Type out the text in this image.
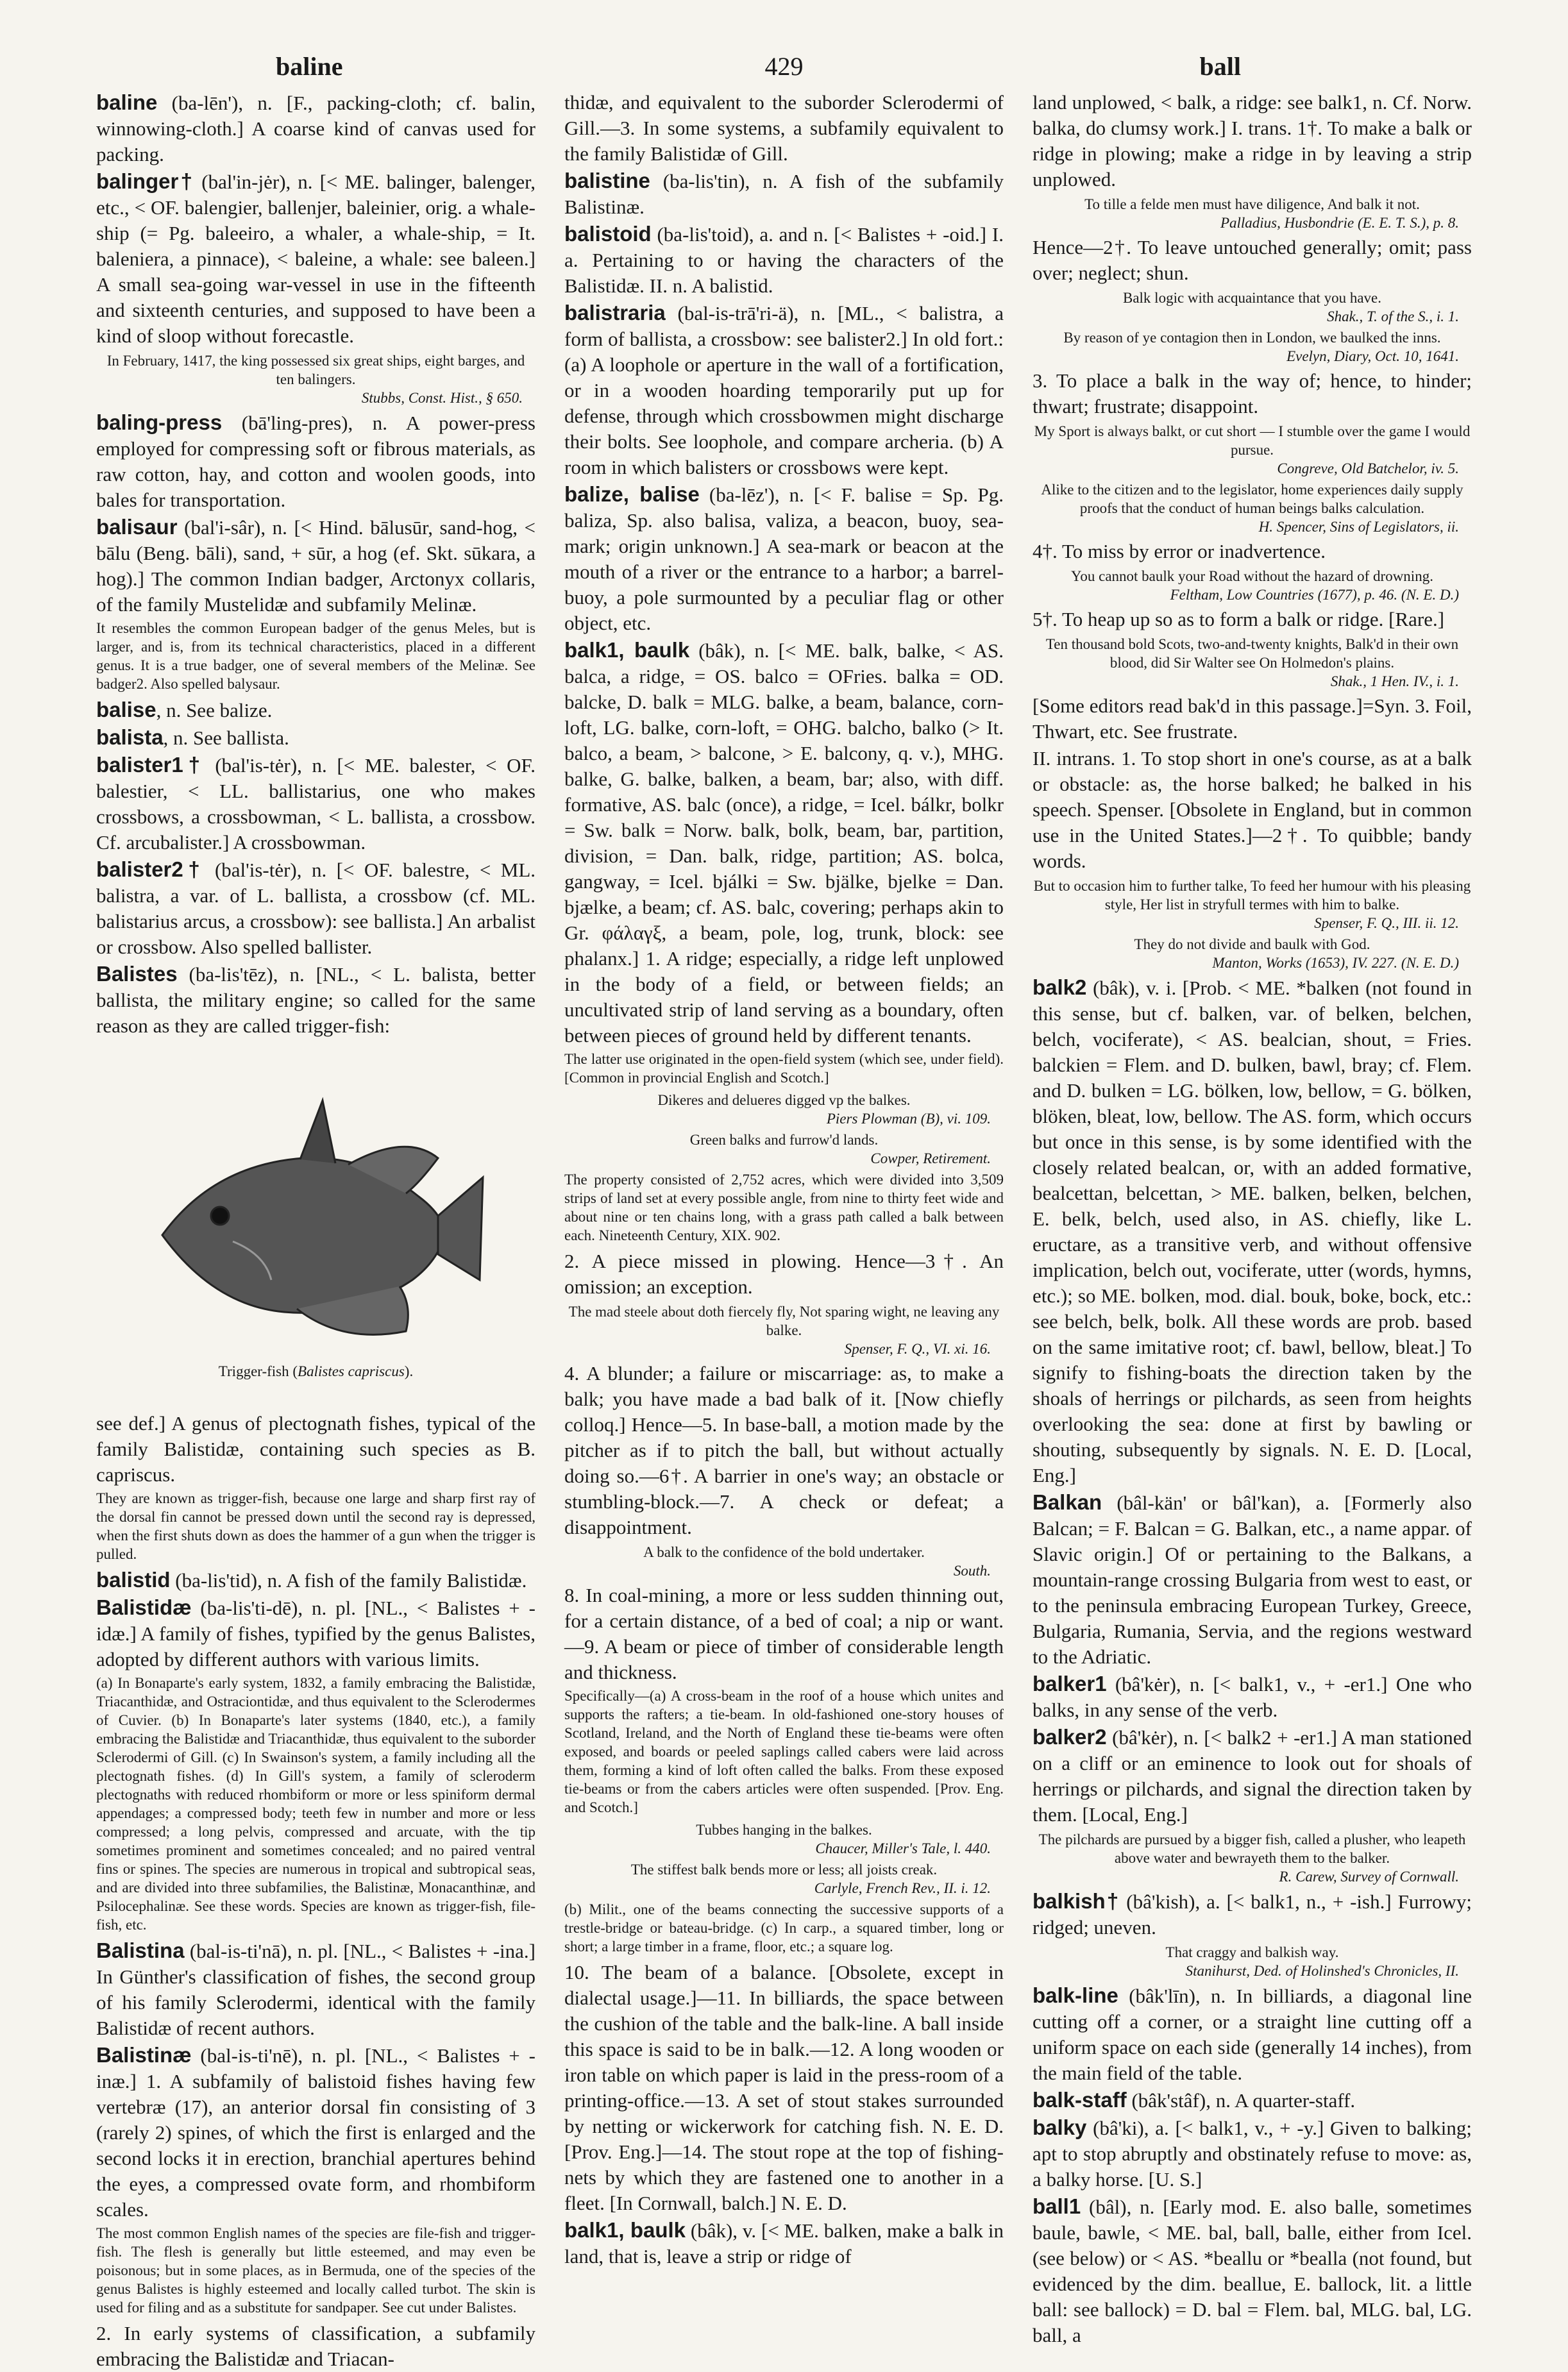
baline	429	ball
baline (ba-lēn'), n. [F., packing-cloth; cf. balin, winnowing-cloth.] A coarse kind of canvas used for packing.
balinger† (bal'in-jėr), n. [< ME. balinger, balenger, etc., < OF. balengier, ballenjer, baleinier, orig. a whale-ship (= Pg. baleeiro, a whaler, a whale-ship, = It. baleniera, a pinnace), < baleine, a whale: see baleen.] A small sea-going war-vessel in use in the fifteenth and sixteenth centuries, and supposed to have been a kind of sloop without forecastle.
In February, 1417, the king possessed six great ships, eight barges, and ten balingers.
Stubbs, Const. Hist., § 650.
baling-press (bā'ling-pres), n. A power-press employed for compressing soft or fibrous materials, as raw cotton, hay, and cotton and woolen goods, into bales for transportation.
balisaur (bal'i-sâr), n. [< Hind. bālusūr, sand-hog, < bālu (Beng. bāli), sand, + sūr, a hog (ef. Skt. sūkara, a hog).] The common Indian badger, Arctonyx collaris, of the family Mustelidæ and subfamily Melinæ.
It resembles the common European badger of the genus Meles, but is larger, and is, from its technical characteristics, placed in a different genus. It is a true badger, one of several members of the Melinæ. See badger2. Also spelled balysaur.
balise, n. See balize.
balista, n. See ballista.
balister1† (bal'is-tėr), n. [< ME. balester, < OF. balestier, < LL. ballistarius, one who makes crossbows, a crossbowman, < L. ballista, a crossbow. Cf. arcubalister.] A crossbowman.
balister2† (bal'is-tėr), n. [< OF. balestre, < ML. balistra, a var. of L. ballista, a crossbow (cf. ML. balistarius arcus, a crossbow): see ballista.] An arbalist or crossbow. Also spelled ballister.
Balistes (ba-lis'tēz), n. [NL., < L. balista, better ballista, the military engine; so called for the same reason as they are called trigger-fish:
Trigger-fish (Balistes capriscus).
see def.] A genus of plectognath fishes, typical of the family Balistidæ, containing such species as B. capriscus.
They are known as trigger-fish, because one large and sharp first ray of the dorsal fin cannot be pressed down until the second ray is depressed, when the first shuts down as does the hammer of a gun when the trigger is pulled.
balistid (ba-lis'tid), n. A fish of the family Balistidæ.
Balistidæ (ba-lis'ti-dē), n. pl. [NL., < Balistes + -idæ.] A family of fishes, typified by the genus Balistes, adopted by different authors with various limits.
(a) In Bonaparte's early system, 1832, a family embracing the Balistidæ, Triacanthidæ, and Ostraciontidæ, and thus equivalent to the Sclerodermes of Cuvier. (b) In Bonaparte's later systems (1840, etc.), a family embracing the Balistidæ and Triacanthidæ, thus equivalent to the suborder Sclerodermi of Gill. (c) In Swainson's system, a family including all the plectognath fishes. (d) In Gill's system, a family of scleroderm plectognaths with reduced rhombiform or more or less spiniform dermal appendages; a compressed body; teeth few in number and more or less compressed; a long pelvis, compressed and arcuate, with the tip sometimes prominent and sometimes concealed; and no paired ventral fins or spines. The species are numerous in tropical and subtropical seas, and are divided into three subfamilies, the Balistinæ, Monacanthinæ, and Psilocephalinæ. See these words. Species are known as trigger-fish, file-fish, etc.
Balistina (bal-is-ti'nā), n. pl. [NL., < Balistes + -ina.] In Günther's classification of fishes, the second group of his family Sclerodermi, identical with the family Balistidæ of recent authors.
Balistinæ (bal-is-ti'nē), n. pl. [NL., < Balistes + -inæ.] 1. A subfamily of balistoid fishes having few vertebræ (17), an anterior dorsal fin consisting of 3 (rarely 2) spines, of which the first is enlarged and the second locks it in erection, branchial apertures behind the eyes, a compressed ovate form, and rhombiform scales.
The most common English names of the species are file-fish and trigger-fish. The flesh is generally but little esteemed, and may even be poisonous; but in some places, as in Bermuda, one of the species of the genus Balistes is highly esteemed and locally called turbot. The skin is used for filing and as a substitute for sandpaper. See cut under Balistes.
2. In early systems of classification, a subfamily embracing the Balistidæ and Triacan-
thidæ, and equivalent to the suborder Sclerodermi of Gill.—3. In some systems, a subfamily equivalent to the family Balistidæ of Gill.
balistine (ba-lis'tin), n. A fish of the subfamily Balistinæ.
balistoid (ba-lis'toid), a. and n. [< Balistes + -oid.] I. a. Pertaining to or having the characters of the Balistidæ. II. n. A balistid.
balistraria (bal-is-trā'ri-ä), n. [ML., < balistra, a form of ballista, a crossbow: see balister2.] In old fort.: (a) A loophole or aperture in the wall of a fortification, or in a wooden hoarding temporarily put up for defense, through which crossbowmen might discharge their bolts. See loophole, and compare archeria. (b) A room in which balisters or crossbows were kept.
balize, balise (ba-lēz'), n. [< F. balise = Sp. Pg. baliza, Sp. also balisa, valiza, a beacon, buoy, sea-mark; origin unknown.] A sea-mark or beacon at the mouth of a river or the entrance to a harbor; a barrel-buoy, a pole surmounted by a peculiar flag or other object, etc.
balk1, baulk (bâk), n. [< ME. balk, balke, < AS. balca, a ridge, = OS. balco = OFries. balka = OD. balcke, D. balk = MLG. balke, a beam, balance, corn-loft, LG. balke, corn-loft, = OHG. balcho, balko (> It. balco, a beam, > balcone, > E. balcony, q. v.), MHG. balke, G. balke, balken, a beam, bar; also, with diff. formative, AS. balc (once), a ridge, = Icel. bálkr, bolkr = Sw. balk = Norw. balk, bolk, beam, bar, partition, division, = Dan. balk, ridge, partition; AS. bolca, gangway, = Icel. bjálki = Sw. bjälke, bjelke = Dan. bjælke, a beam; cf. AS. balc, covering; perhaps akin to Gr. φάλαγξ, a beam, pole, log, trunk, block: see phalanx.] 1. A ridge; especially, a ridge left unplowed in the body of a field, or between fields; an uncultivated strip of land serving as a boundary, often between pieces of ground held by different tenants.
The latter use originated in the open-field system (which see, under field). [Common in provincial English and Scotch.]
Dikeres and delueres digged vp the balkes.
Piers Plowman (B), vi. 109.
Green balks and furrow'd lands.
Cowper, Retirement.
The property consisted of 2,752 acres, which were divided into 3,509 strips of land set at every possible angle, from nine to thirty feet wide and about nine or ten chains long, with a grass path called a balk between each. Nineteenth Century, XIX. 902.
2. A piece missed in plowing. Hence—3†. An omission; an exception.
The mad steele about doth fiercely fly, Not sparing wight, ne leaving any balke.
Spenser, F. Q., VI. xi. 16.
4. A blunder; a failure or miscarriage: as, to make a balk; you have made a bad balk of it. [Now chiefly colloq.] Hence—5. In base-ball, a motion made by the pitcher as if to pitch the ball, but without actually doing so.—6†. A barrier in one's way; an obstacle or stumbling-block.—7. A check or defeat; a disappointment.
A balk to the confidence of the bold undertaker.
South.
8. In coal-mining, a more or less sudden thinning out, for a certain distance, of a bed of coal; a nip or want.—9. A beam or piece of timber of considerable length and thickness.
Specifically—(a) A cross-beam in the roof of a house which unites and supports the rafters; a tie-beam. In old-fashioned one-story houses of Scotland, Ireland, and the North of England these tie-beams were often exposed, and boards or peeled saplings called cabers were laid across them, forming a kind of loft often called the balks. From these exposed tie-beams or from the cabers articles were often suspended. [Prov. Eng. and Scotch.]
Tubbes hanging in the balkes.
Chaucer, Miller's Tale, l. 440.
The stiffest balk bends more or less; all joists creak.
Carlyle, French Rev., II. i. 12.
(b) Milit., one of the beams connecting the successive supports of a trestle-bridge or bateau-bridge. (c) In carp., a squared timber, long or short; a large timber in a frame, floor, etc.; a square log.
10. The beam of a balance. [Obsolete, except in dialectal usage.]—11. In billiards, the space between the cushion of the table and the balk-line. A ball inside this space is said to be in balk.—12. A long wooden or iron table on which paper is laid in the press-room of a printing-office.—13. A set of stout stakes surrounded by netting or wickerwork for catching fish. N. E. D. [Prov. Eng.]—14. The stout rope at the top of fishing-nets by which they are fastened one to another in a fleet. [In Cornwall, balch.] N. E. D.
balk1, baulk (bâk), v. [< ME. balken, make a balk in land, that is, leave a strip or ridge of
land unplowed, < balk, a ridge: see balk1, n. Cf. Norw. balka, do clumsy work.] I. trans. 1†. To make a balk or ridge in plowing; make a ridge in by leaving a strip unplowed.
To tille a felde men must have diligence, And balk it not.
Palladius, Husbondrie (E. E. T. S.), p. 8.
Hence—2†. To leave untouched generally; omit; pass over; neglect; shun.
Balk logic with acquaintance that you have.
Shak., T. of the S., i. 1.
By reason of ye contagion then in London, we baulked the inns.
Evelyn, Diary, Oct. 10, 1641.
3. To place a balk in the way of; hence, to hinder; thwart; frustrate; disappoint.
My Sport is always balkt, or cut short — I stumble over the game I would pursue.
Congreve, Old Batchelor, iv. 5.
Alike to the citizen and to the legislator, home experiences daily supply proofs that the conduct of human beings balks calculation.
H. Spencer, Sins of Legislators, ii.
4†. To miss by error or inadvertence.
You cannot baulk your Road without the hazard of drowning.
Feltham, Low Countries (1677), p. 46. (N. E. D.)
5†. To heap up so as to form a balk or ridge. [Rare.]
Ten thousand bold Scots, two-and-twenty knights, Balk'd in their own blood, did Sir Walter see On Holmedon's plains.
Shak., 1 Hen. IV., i. 1.
[Some editors read bak'd in this passage.]=Syn. 3. Foil, Thwart, etc. See frustrate.
II. intrans. 1. To stop short in one's course, as at a balk or obstacle: as, the horse balked; he balked in his speech. Spenser. [Obsolete in England, but in common use in the United States.]—2†. To quibble; bandy words.
But to occasion him to further talke, To feed her humour with his pleasing style, Her list in stryfull termes with him to balke.
Spenser, F. Q., III. ii. 12.
They do not divide and baulk with God.
Manton, Works (1653), IV. 227. (N. E. D.)
balk2 (bâk), v. i. [Prob. < ME. *balken (not found in this sense, but cf. balken, var. of belken, belchen, belch, vociferate), < AS. bealcian, shout, = Fries. balckien = Flem. and D. bulken, bawl, bray; cf. Flem. and D. bulken = LG. bölken, low, bellow, = G. bölken, blöken, bleat, low, bellow. The AS. form, which occurs but once in this sense, is by some identified with the closely related bealcan, or, with an added formative, bealcettan, belcettan, > ME. balken, belken, belchen, E. belk, belch, used also, in AS. chiefly, like L. eructare, as a transitive verb, and without offensive implication, belch out, vociferate, utter (words, hymns, etc.); so ME. bolken, mod. dial. bouk, boke, bock, etc.: see belch, belk, bolk. All these words are prob. based on the same imitative root; cf. bawl, bellow, bleat.] To signify to fishing-boats the direction taken by the shoals of herrings or pilchards, as seen from heights overlooking the sea: done at first by bawling or shouting, subsequently by signals. N. E. D. [Local, Eng.]
Balkan (bâl-kän' or bâl'kan), a. [Formerly also Balcan; = F. Balcan = G. Balkan, etc., a name appar. of Slavic origin.] Of or pertaining to the Balkans, a mountain-range crossing Bulgaria from west to east, or to the peninsula embracing European Turkey, Greece, Bulgaria, Rumania, Servia, and the regions westward to the Adriatic.
balker1 (bâ'kėr), n. [< balk1, v., + -er1.] One who balks, in any sense of the verb.
balker2 (bâ'kėr), n. [< balk2 + -er1.] A man stationed on a cliff or an eminence to look out for shoals of herrings or pilchards, and signal the direction taken by them. [Local, Eng.]
The pilchards are pursued by a bigger fish, called a plusher, who leapeth above water and bewrayeth them to the balker.
R. Carew, Survey of Cornwall.
balkish† (bâ'kish), a. [< balk1, n., + -ish.] Furrowy; ridged; uneven.
That craggy and balkish way.
Stanihurst, Ded. of Holinshed's Chronicles, II.
balk-line (bâk'līn), n. In billiards, a diagonal line cutting off a corner, or a straight line cutting off a uniform space on each side (generally 14 inches), from the main field of the table.
balk-staff (bâk'stâf), n. A quarter-staff.
balky (bâ'ki), a. [< balk1, v., + -y.] Given to balking; apt to stop abruptly and obstinately refuse to move: as, a balky horse. [U. S.]
ball1 (bâl), n. [Early mod. E. also balle, sometimes baule, bawle, < ME. bal, ball, balle, either from Icel. (see below) or < AS. *beallu or *bealla (not found, but evidenced by the dim. beallue, E. ballock, lit. a little ball: see ballock) = D. bal = Flem. bal, MLG. bal, LG. ball, a
